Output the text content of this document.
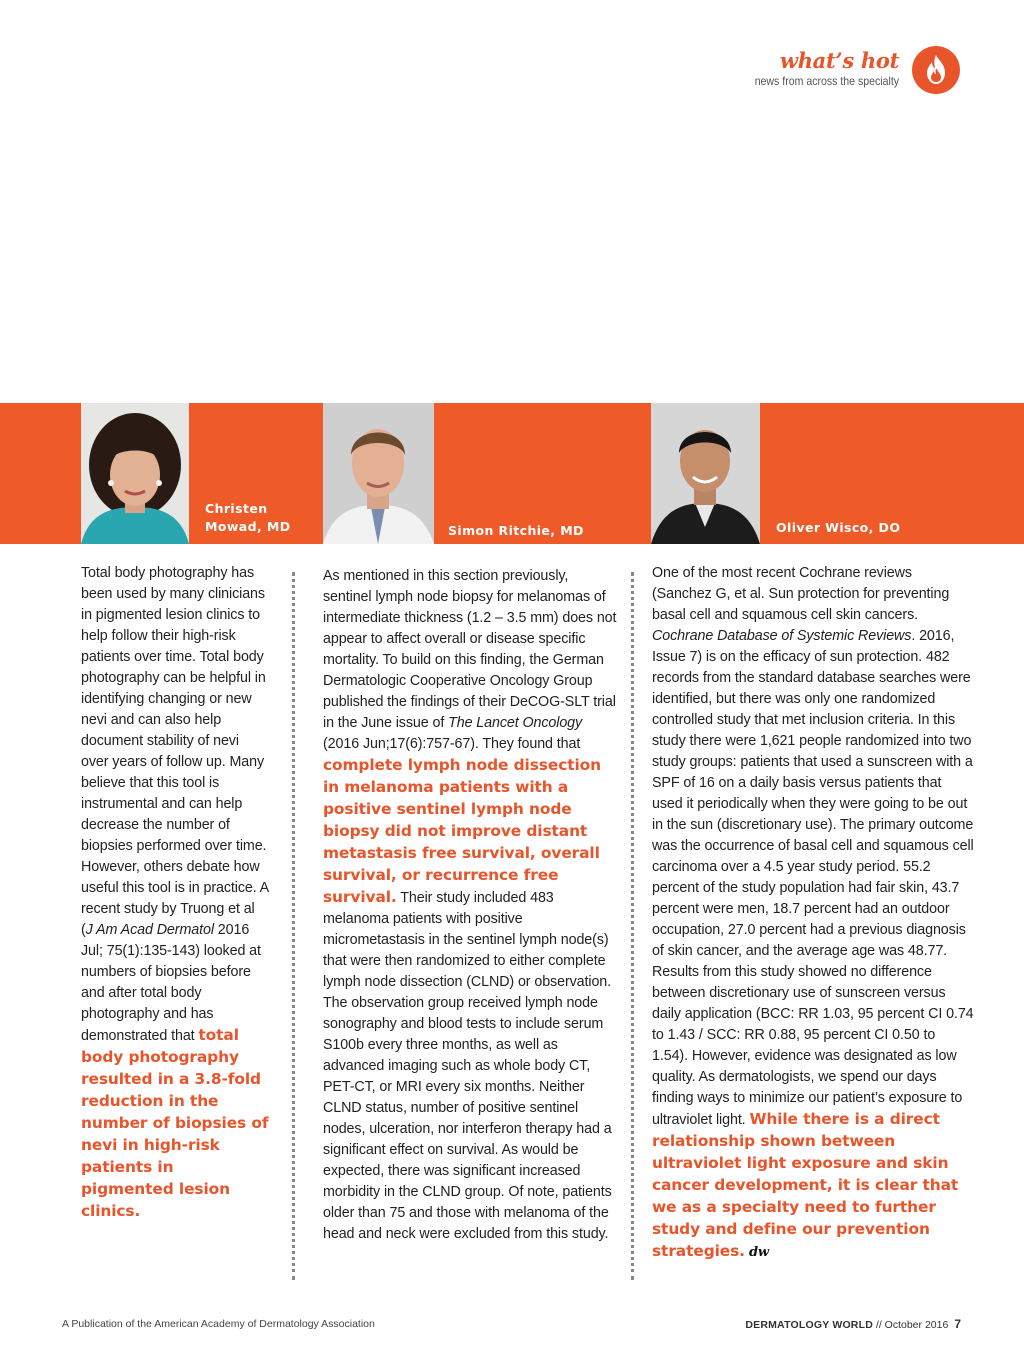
what’s hot
news from across the specialty
Christen
Mowad, MD	Simon Ritchie, MD	Oliver Wisco, DO

Total body photography has been used by many clinicians in pigmented lesion clinics to help follow their high-risk patients over time. Total body photography can be helpful in identifying changing or new nevi and can also help document stability of nevi over years of follow up. Many believe that this tool is instrumental and can help decrease the number of biopsies performed over time. However, others debate how useful this tool is in practice. A recent study by Truong et al (J Am Acad Dermatol 2016 Jul; 75(1):135-143) looked at numbers of biopsies before and after total body photography and has demonstrated that total body photography resulted in a 3.8-fold reduction in the number of biopsies of nevi in high-risk patients in pigmented lesion clinics.

As mentioned in this section previously, sentinel lymph node biopsy for melanomas of intermediate thickness (1.2 – 3.5 mm) does not appear to affect overall or disease specific mortality. To build on this finding, the German Dermatologic Cooperative Oncology Group published the findings of their DeCOG-SLT trial in the June issue of The Lancet Oncology (2016 Jun;17(6):757-67). They found that complete lymph node dissection in melanoma patients with a positive sentinel lymph node biopsy did not improve distant metastasis free survival, overall survival, or recurrence free survival. Their study included 483 melanoma patients with positive micrometastasis in the sentinel lymph node(s) that were then randomized to either complete lymph node dissection (CLND) or observation. The observation group received lymph node sonography and blood tests to include serum S100b every three months, as well as advanced imaging such as whole body CT, PET-CT, or MRI every six months. Neither CLND status, number of positive sentinel nodes, ulceration, nor interferon therapy had a significant effect on survival. As would be expected, there was significant increased morbidity in the CLND group. Of note, patients older than 75 and those with melanoma of the head and neck were excluded from this study.

One of the most recent Cochrane reviews (Sanchez G, et al. Sun protection for preventing basal cell and squamous cell skin cancers. Cochrane Database of Systemic Reviews. 2016, Issue 7) is on the efficacy of sun protection. 482 records from the standard database searches were identified, but there was only one randomized controlled study that met inclusion criteria. In this study there were 1,621 people randomized into two study groups: patients that used a sunscreen with a SPF of 16 on a daily basis versus patients that used it periodically when they were going to be out in the sun (discretionary use). The primary outcome was the occurrence of basal cell and squamous cell carcinoma over a 4.5 year study period. 55.2 percent of the study population had fair skin, 43.7 percent were men, 18.7 percent had an outdoor occupation, 27.0 percent had a previous diagnosis of skin cancer, and the average age was 48.77. Results from this study showed no difference between discretionary use of sunscreen versus daily application (BCC: RR 1.03, 95 percent CI 0.74 to 1.43 / SCC: RR 0.88, 95 percent CI 0.50 to 1.54). However, evidence was designated as low quality. As dermatologists, we spend our days finding ways to minimize our patient’s exposure to ultraviolet light. While there is a direct relationship shown between ultraviolet light exposure and skin cancer development, it is clear that we as a specialty need to further study and define our prevention strategies. dw

A Publication of the American Academy of Dermatology Association	DERMATOLOGY WORLD // October 2016 7
